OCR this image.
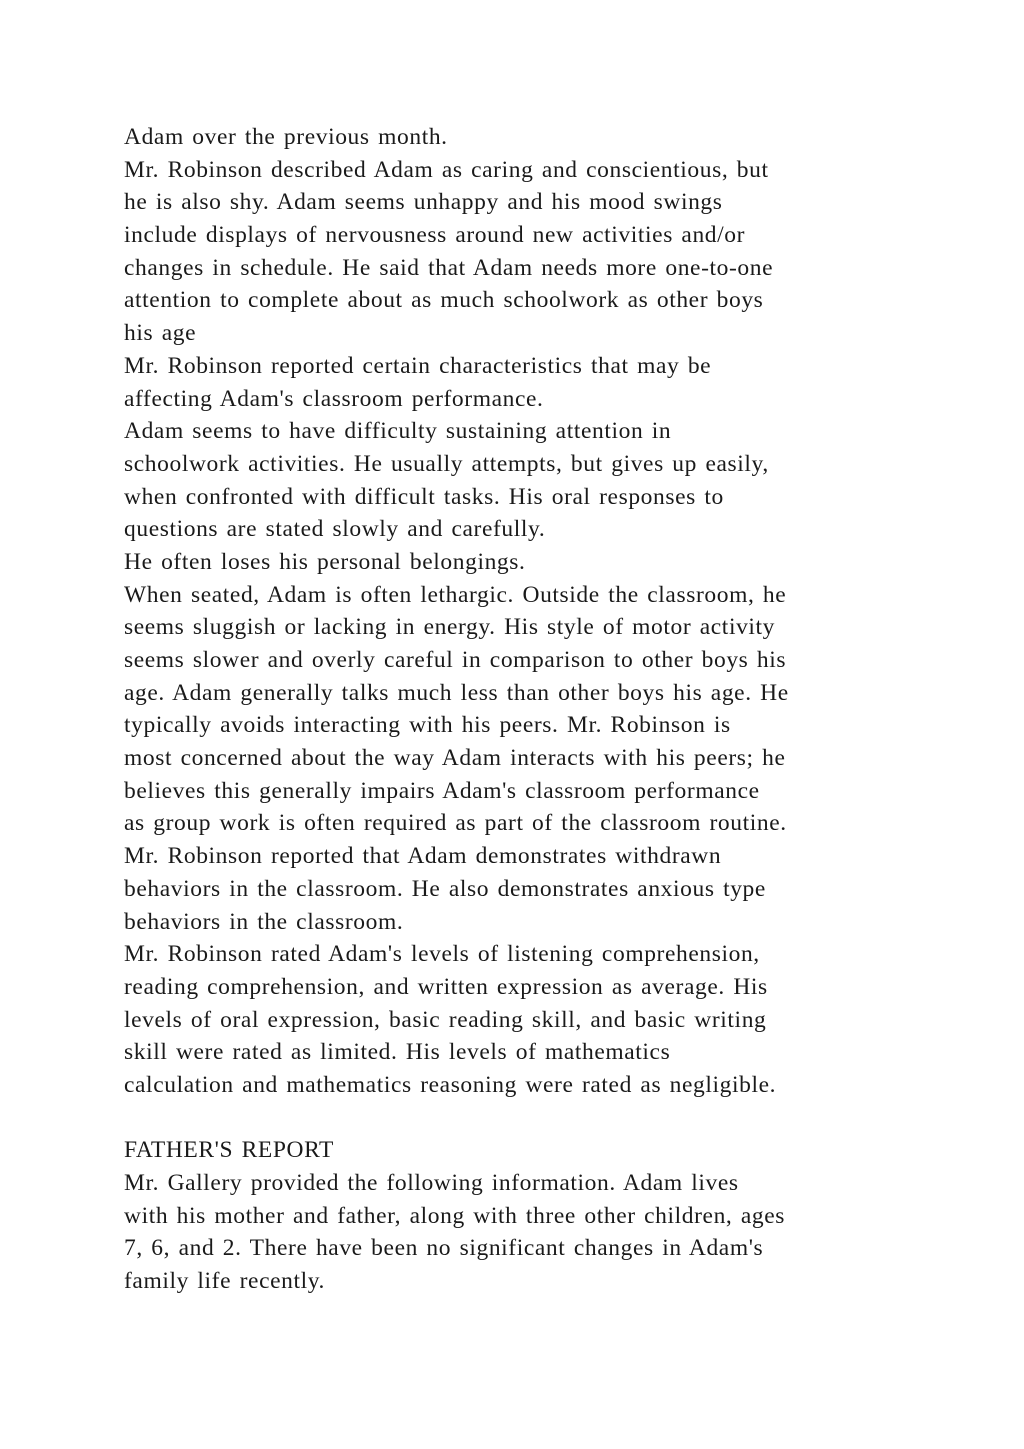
Adam over the previous month.
Mr. Robinson described Adam as caring and conscientious, but
he is also shy. Adam seems unhappy and his mood swings
include displays of nervousness around new activities and/or
changes in schedule. He said that Adam needs more one-to-one
attention to complete about as much schoolwork as other boys
his age
Mr. Robinson reported certain characteristics that may be
affecting Adam's classroom performance.
Adam seems to have difficulty sustaining attention in
schoolwork activities. He usually attempts, but gives up easily,
when confronted with difficult tasks. His oral responses to
questions are stated slowly and carefully.
He often loses his personal belongings.
When seated, Adam is often lethargic. Outside the classroom, he
seems sluggish or lacking in energy. His style of motor activity
seems slower and overly careful in comparison to other boys his
age. Adam generally talks much less than other boys his age. He
typically avoids interacting with his peers. Mr. Robinson is
most concerned about the way Adam interacts with his peers; he
believes this generally impairs Adam's classroom performance
as group work is often required as part of the classroom routine.
Mr. Robinson reported that Adam demonstrates withdrawn
behaviors in the classroom. He also demonstrates anxious type
behaviors in the classroom.
Mr. Robinson rated Adam's levels of listening comprehension,
reading comprehension, and written expression as average. His
levels of oral expression, basic reading skill, and basic writing
skill were rated as limited. His levels of mathematics
calculation and mathematics reasoning were rated as negligible.
FATHER'S REPORT
Mr. Gallery provided the following information. Adam lives
with his mother and father, along with three other children, ages
7, 6, and 2. There have been no significant changes in Adam's
family life recently.
